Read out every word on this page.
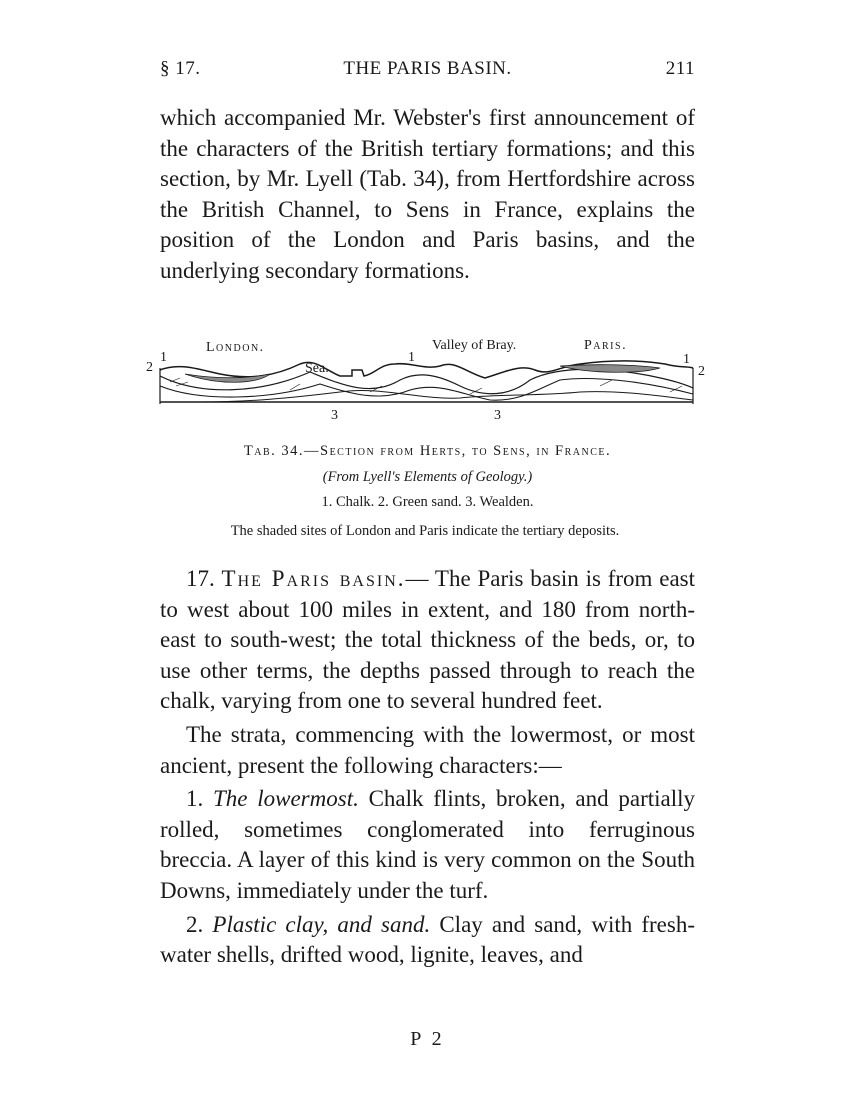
§ 17.	THE PARIS BASIN.	211

which accompanied Mr. Webster's first announcement of the characters of the British tertiary formations; and this section, by Mr. Lyell (Tab. 34), from Hertfordshire across the British Channel, to Sens in France, explains the position of the London and Paris basins, and the underlying secondary formations.

London.
Sea.
Valley of Bray.	Paris.
2
1	1	1
2
3	3

Tab. 34.—Section from Herts, to Sens, in France.

(From Lyell's Elements of Geology.)

1. Chalk. 2. Green sand. 3. Wealden.

The shaded sites of London and Paris indicate the tertiary deposits.

17. The Paris basin.— The Paris basin is from east to west about 100 miles in extent, and 180 from north-east to south-west; the total thickness of the beds, or, to use other terms, the depths passed through to reach the chalk, varying from one to several hundred feet.

The strata, commencing with the lowermost, or most ancient, present the following characters:—

1. The lowermost. Chalk flints, broken, and partially rolled, sometimes conglomerated into ferruginous breccia. A layer of this kind is very common on the South Downs, immediately under the turf.

2. Plastic clay, and sand. Clay and sand, with fresh-water shells, drifted wood, lignite, leaves, and

P 2
